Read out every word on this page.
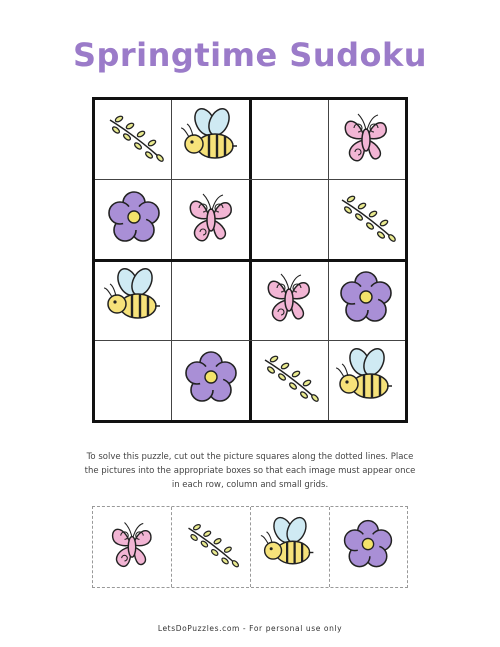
Springtime Sudoku
To solve this puzzle, cut out the picture squares along the dotted lines. Place the pictures into the appropriate boxes so that each image must appear once in each row, column and small grids.
LetsDoPuzzles.com - For personal use only
